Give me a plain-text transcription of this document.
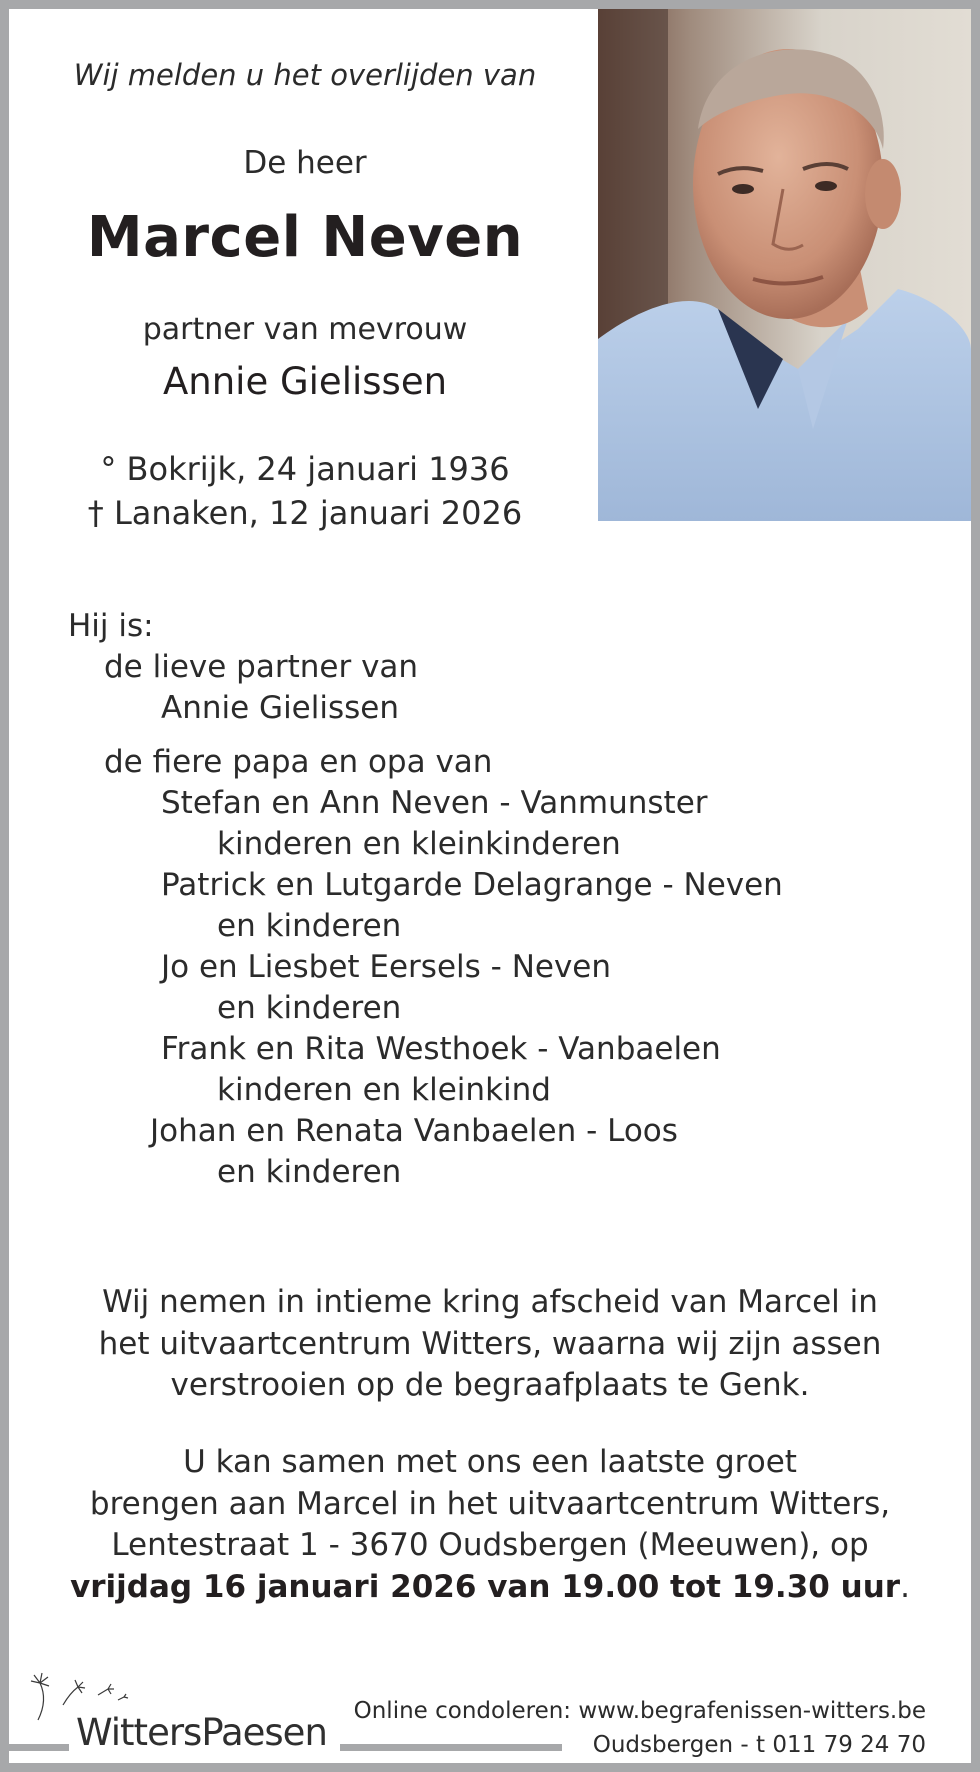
Wij melden u het overlijden van
De heer
Marcel Neven
partner van mevrouw
Annie Gielissen
° Bokrijk, 24 januari 1936
† Lanaken, 12 januari 2026
Hij is:
de lieve partner van
Annie Gielissen
de fiere papa en opa van
Stefan en Ann Neven - Vanmunster
kinderen en kleinkinderen
Patrick en Lutgarde Delagrange - Neven
en kinderen
Jo en Liesbet Eersels - Neven
en kinderen
Frank en Rita Westhoek - Vanbaelen
kinderen en kleinkind
Johan en Renata Vanbaelen - Loos
en kinderen
Wij nemen in intieme kring afscheid van Marcel in
het uitvaartcentrum Witters, waarna wij zijn assen
verstrooien op de begraafplaats te Genk.
U kan samen met ons een laatste groet
brengen aan Marcel in het uitvaartcentrum Witters,
Lentestraat 1 - 3670 Oudsbergen (Meeuwen), op
vrijdag 16 januari 2026 van 19.00 tot 19.30 uur.
WittersPaesen	Online condoleren: www.begrafenissen-witters.be
Oudsbergen - t 011 79 24 70
